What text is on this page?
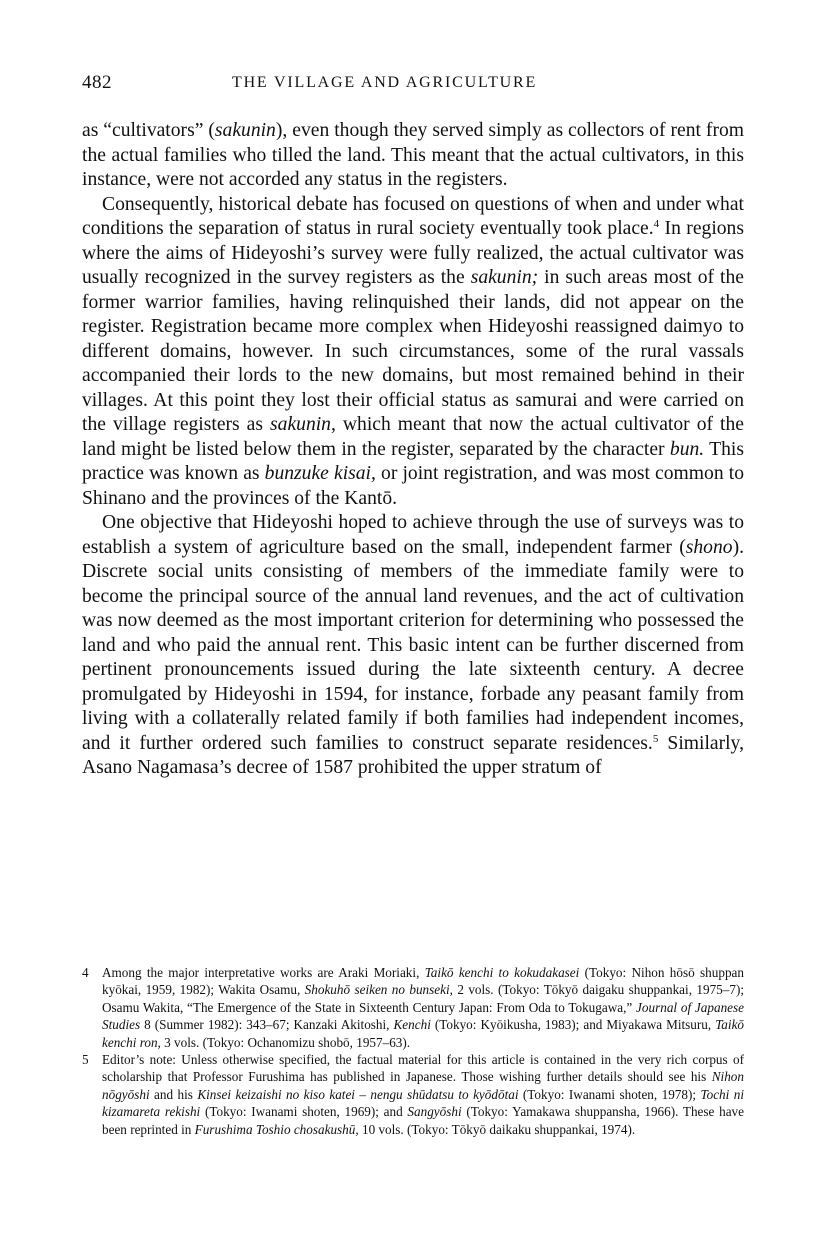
482	THE VILLAGE AND AGRICULTURE

as “cultivators” (sakunin), even though they served simply as collectors of rent from the actual families who tilled the land. This meant that the actual cultivators, in this instance, were not accorded any status in the registers.

Consequently, historical debate has focused on questions of when and under what conditions the separation of status in rural society eventually took place.$^4$ In regions where the aims of Hideyoshi’s survey were fully realized, the actual cultivator was usually recognized in the survey registers as the sakunin; in such areas most of the former warrior families, having relinquished their lands, did not appear on the register. Registration became more complex when Hideyoshi reassigned daimyo to different domains, however. In such circumstances, some of the rural vassals accompanied their lords to the new domains, but most remained behind in their villages. At this point they lost their official status as samurai and were carried on the village registers as sakunin, which meant that now the actual cultivator of the land might be listed below them in the register, separated by the character bun. This practice was known as bunzuke kisai, or joint registration, and was most common to Shinano and the provinces of the Kantō.

One objective that Hideyoshi hoped to achieve through the use of surveys was to establish a system of agriculture based on the small, independent farmer (shono). Discrete social units consisting of members of the immediate family were to become the principal source of the annual land revenues, and the act of cultivation was now deemed as the most important criterion for determining who possessed the land and who paid the annual rent. This basic intent can be further discerned from pertinent pronouncements issued during the late sixteenth century. A decree promulgated by Hideyoshi in 1594, for instance, forbade any peasant family from living with a collaterally related family if both families had independent incomes, and it further ordered such families to construct separate residences.$^5$ Similarly, Asano Nagamasa’s decree of 1587 prohibited the upper stratum of

4 Among the major interpretative works are Araki Moriaki, Taikō kenchi to kokudakasei (Tokyo: Nihon hōsō shuppan kyōkai, 1959, 1982); Wakita Osamu, Shokuhō seiken no bunseki, 2 vols. (Tokyo: Tōkyō daigaku shuppankai, 1975–7); Osamu Wakita, “The Emergence of the State in Sixteenth Century Japan: From Oda to Tokugawa,” Journal of Japanese Studies 8 (Summer 1982): 343–67; Kanzaki Akitoshi, Kenchi (Tokyo: Kyōikusha, 1983); and Miyakawa Mitsuru, Taikō kenchi ron, 3 vols. (Tokyo: Ochanomizu shobō, 1957–63).

5 Editor’s note: Unless otherwise specified, the factual material for this article is contained in the very rich corpus of scholarship that Professor Furushima has published in Japanese. Those wishing further details should see his Nihon nōgyōshi and his Kinsei keizaishi no kiso katei – nengu shūdatsu to kyōdōtai (Tokyo: Iwanami shoten, 1978); Tochi ni kizamareta rekishi (Tokyo: Iwanami shoten, 1969); and Sangyōshi (Tokyo: Yamakawa shuppansha, 1966). These have been reprinted in Furushima Toshio chosakushū, 10 vols. (Tokyo: Tōkyō daikaku shuppankai, 1974).
